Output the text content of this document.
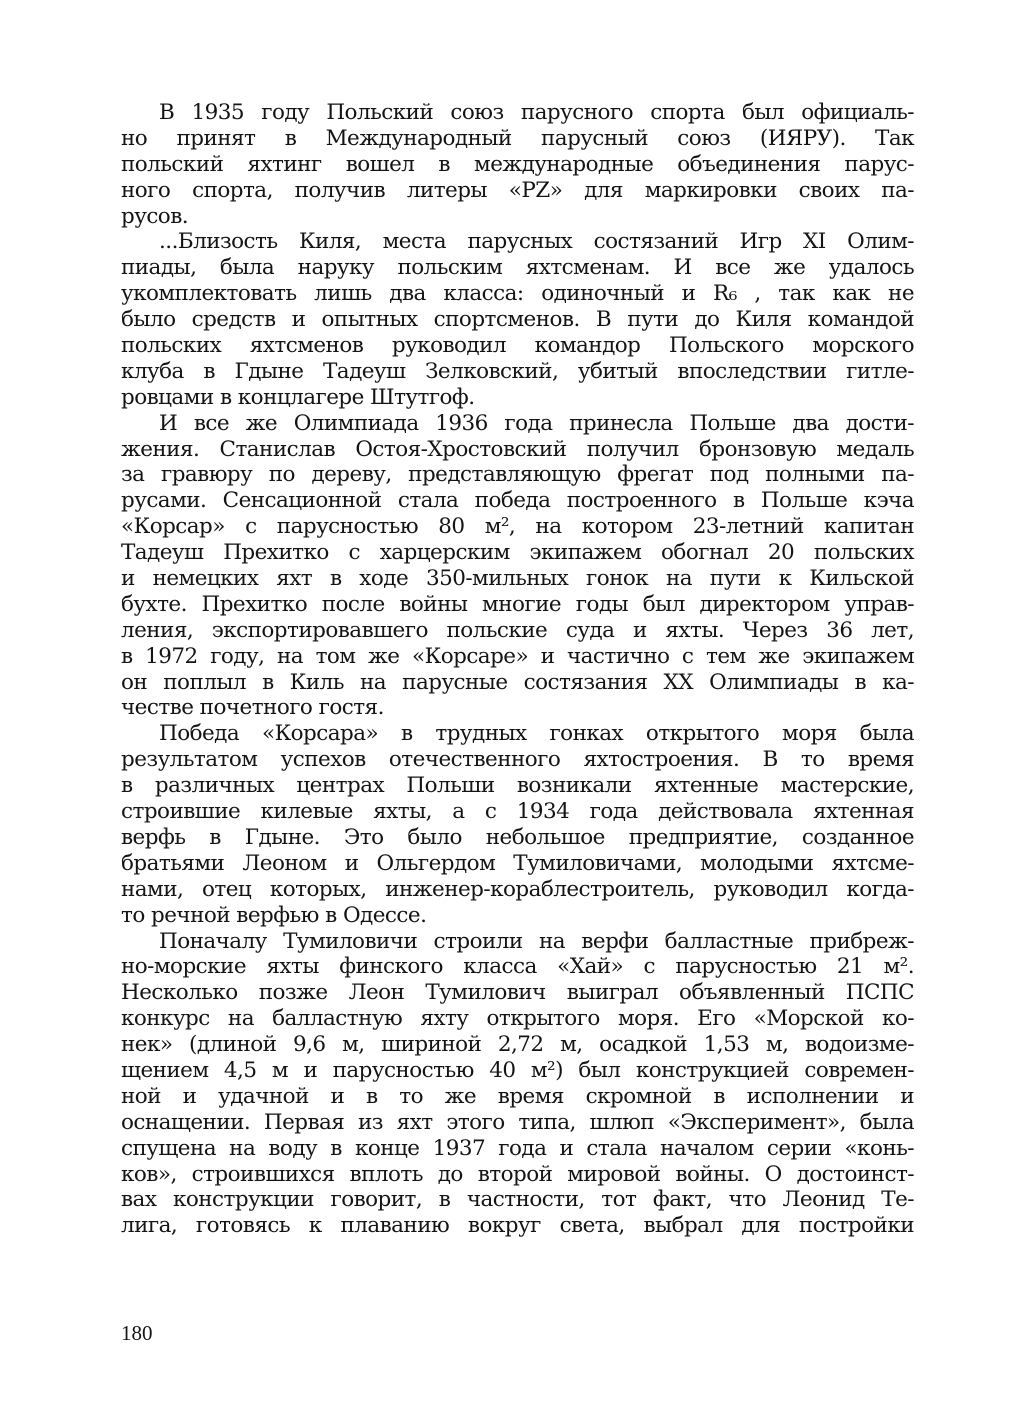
В 1935 году Польский союз парусного спорта был официаль-
но принят в Международный парусный союз (ИЯРУ). Так
польский яхтинг вошел в международные объединения парус-
ного спорта, получив литеры «PZ» для маркировки своих па-
русов.
...Близость Киля, места парусных состязаний Игр XI Олим-
пиады, была наруку польским яхтсменам. И все же удалось
укомплектовать лишь два класса: одиночный и R₆ , так как не
было средств и опытных спортсменов. В пути до Киля командой
польских яхтсменов руководил командор Польского морского
клуба в Гдыне Тадеуш Зелковский, убитый впоследствии гитле-
ровцами в концлагере Штутгоф.
И все же Олимпиада 1936 года принесла Польше два дости-
жения. Станислав Остоя-Хростовский получил бронзовую медаль
за гравюру по дереву, представляющую фрегат под полными па-
русами. Сенсационной стала победа построенного в Польше кэча
«Корсар» с парусностью 80 м², на котором 23-летний капитан
Тадеуш Прехитко с харцерским экипажем обогнал 20 польских
и немецких яхт в ходе 350-мильных гонок на пути к Кильской
бухте. Прехитко после войны многие годы был директором управ-
ления, экспортировавшего польские суда и яхты. Через 36 лет,
в 1972 году, на том же «Корсаре» и частично с тем же экипажем
он поплыл в Киль на парусные состязания XX Олимпиады в ка-
честве почетного гостя.
Победа «Корсара» в трудных гонках открытого моря была
результатом успехов отечественного яхтостроения. В то время
в различных центрах Польши возникали яхтенные мастерские,
строившие килевые яхты, а с 1934 года действовала яхтенная
верфь в Гдыне. Это было небольшое предприятие, созданное
братьями Леоном и Ольгердом Тумиловичами, молодыми яхтсме-
нами, отец которых, инженер-кораблестроитель, руководил когда-
то речной верфью в Одессе.
Поначалу Тумиловичи строили на верфи балластные прибреж-
но-морские яхты финского класса «Хай» с парусностью 21 м².
Несколько позже Леон Тумилович выиграл объявленный ПСПС
конкурс на балластную яхту открытого моря. Его «Морской ко-
нек» (длиной 9,6 м, шириной 2,72 м, осадкой 1,53 м, водоизме-
щением 4,5 м и парусностью 40 м²) был конструкцией современ-
ной и удачной и в то же время скромной в исполнении и
оснащении. Первая из яхт этого типа, шлюп «Эксперимент», была
спущена на воду в конце 1937 года и стала началом серии «конь-
ков», строившихся вплоть до второй мировой войны. О достоинст-
вах конструкции говорит, в частности, тот факт, что Леонид Те-
лига, готовясь к плаванию вокруг света, выбрал для постройки
180
